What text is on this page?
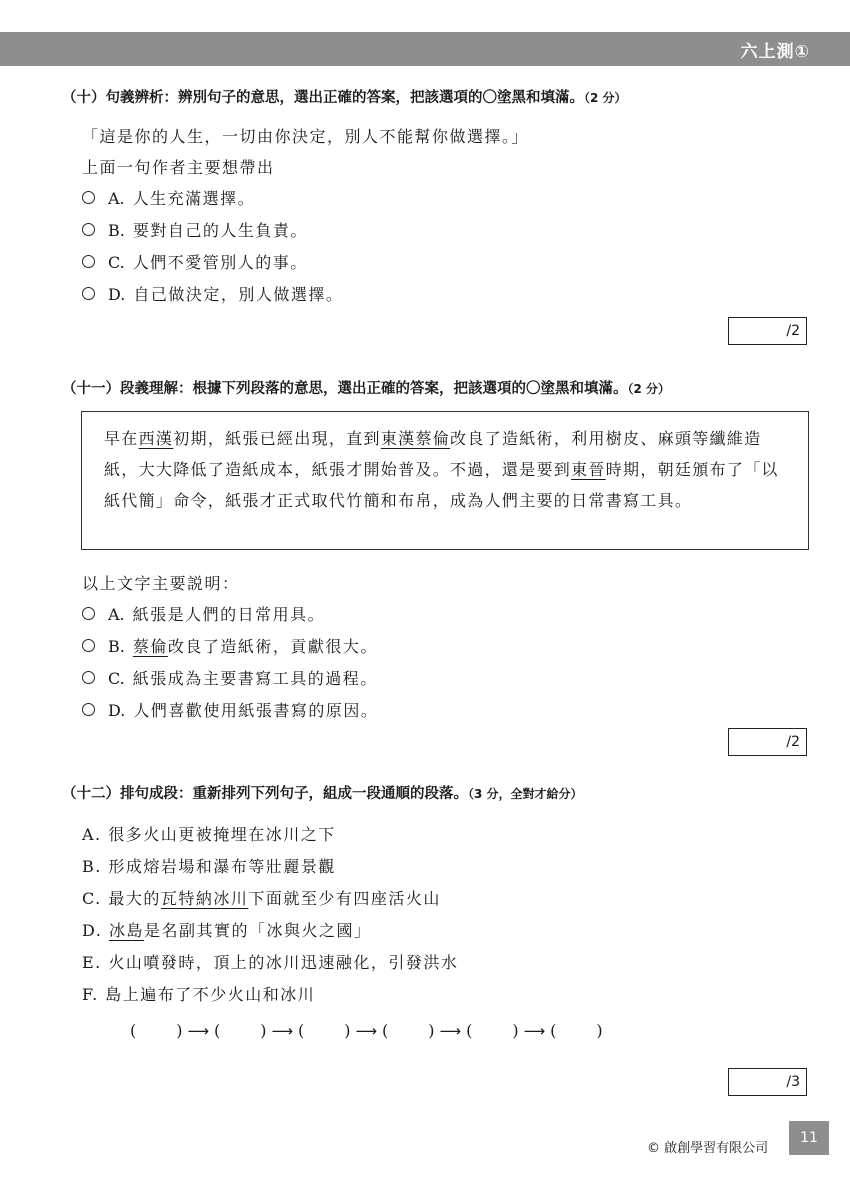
六上測①
（十）句義辨析：辨別句子的意思，選出正確的答案，把該選項的〇塗黑和填滿。（2 分）
「這是你的人生，一切由你決定，別人不能幫你做選擇。」
上面一句作者主要想帶出
A. 人生充滿選擇。
B. 要對自己的人生負責。
C. 人們不愛管別人的事。
D. 自己做決定，別人做選擇。
/2
（十一）段義理解：根據下列段落的意思，選出正確的答案，把該選項的〇塗黑和填滿。（2 分）
早在西漢初期，紙張已經出現，直到東漢蔡倫改良了造紙術，利用樹皮、麻頭等纖維造紙，大大降低了造紙成本，紙張才開始普及。不過，還是要到東晉時期，朝廷頒布了「以紙代簡」命令，紙張才正式取代竹簡和布帛，成為人們主要的日常書寫工具。
以上文字主要説明：
A. 紙張是人們的日常用具。
B. 蔡倫改良了造紙術，貢獻很大。
C. 紙張成為主要書寫工具的過程。
D. 人們喜歡使用紙張書寫的原因。
/2
（十二）排句成段：重新排列下列句子，組成一段通順的段落。（3 分，全對才給分）
A. 很多火山更被掩埋在冰川之下
B. 形成熔岩場和瀑布等壯麗景觀
C. 最大的瓦特納冰川下面就至少有四座活火山
D. 冰島是名副其實的「冰與火之國」
E. 火山噴發時，頂上的冰川迅速融化，引發洪水
F. 島上遍布了不少火山和冰川
(	) ⟶ (	) ⟶ (	) ⟶ (	) ⟶ (	) ⟶ (	)
/3
© 啟創學習有限公司
11
